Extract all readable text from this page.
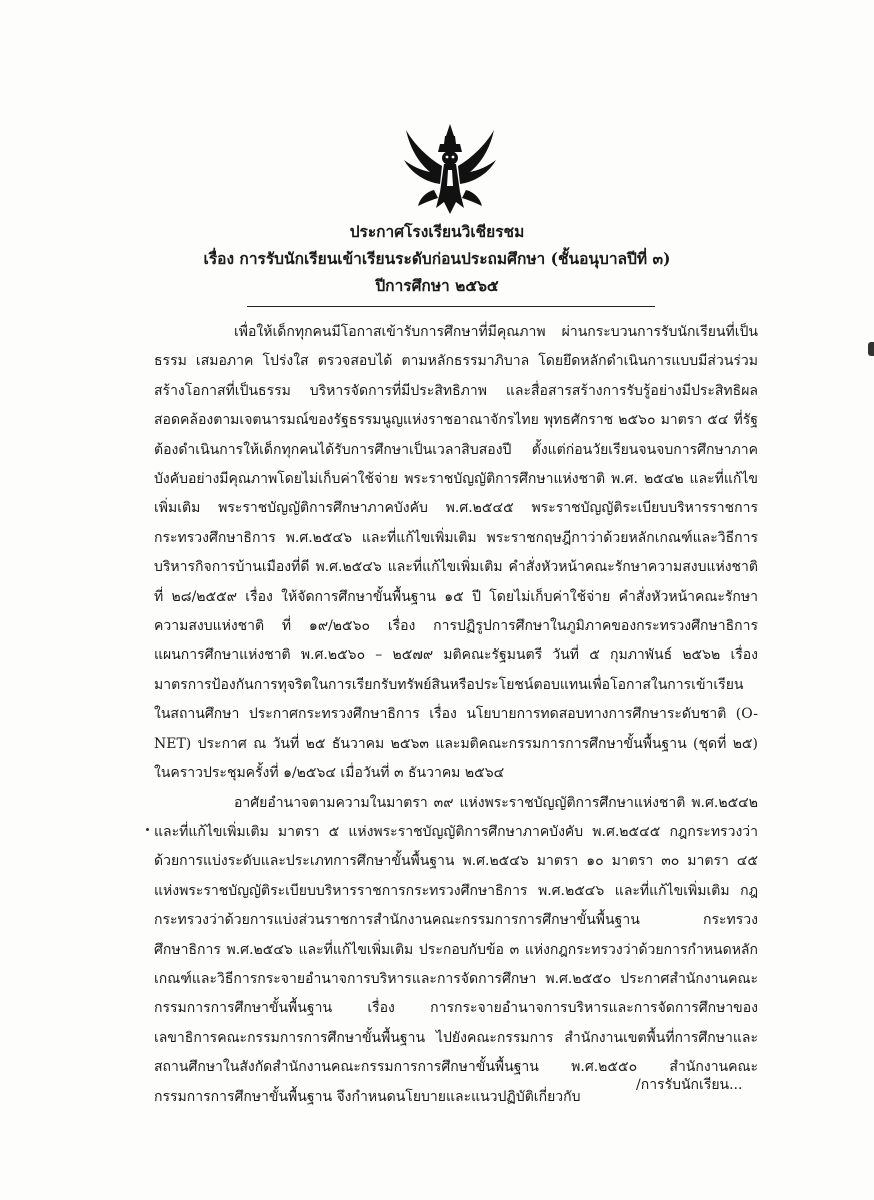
ประกาศโรงเรียนวิเชียรชม
เรื่อง การรับนักเรียนเข้าเรียนระดับก่อนประถมศึกษา (ชั้นอนุบาลปีที่ ๓)
ปีการศึกษา ๒๕๖๕

เพื่อให้เด็กทุกคนมีโอกาสเข้ารับการศึกษาที่มีคุณภาพ ผ่านกระบวนการรับนักเรียนที่เป็นธรรม เสมอภาค โปร่งใส ตรวจสอบได้ ตามหลักธรรมาภิบาล โดยยึดหลักดำเนินการแบบมีส่วนร่วม สร้างโอกาสที่เป็นธรรม บริหารจัดการที่มีประสิทธิภาพ และสื่อสารสร้างการรับรู้อย่างมีประสิทธิผล สอดคล้องตามเจตนารมณ์ของรัฐธรรมนูญแห่งราชอาณาจักรไทย พุทธศักราช ๒๕๖๐ มาตรา ๕๔ ที่รัฐต้องดำเนินการให้เด็กทุกคนได้รับการศึกษาเป็นเวลาสิบสองปี ตั้งแต่ก่อนวัยเรียนจนจบการศึกษาภาคบังคับอย่างมีคุณภาพโดยไม่เก็บค่าใช้จ่าย พระราชบัญญัติการศึกษาแห่งชาติ พ.ศ. ๒๕๔๒ และที่แก้ไขเพิ่มเติม พระราชบัญญัติการศึกษาภาคบังคับ พ.ศ.๒๕๔๕ พระราชบัญญัติระเบียบบริหารราชการกระทรวงศึกษาธิการ พ.ศ.๒๕๔๖ และที่แก้ไขเพิ่มเติม พระราชกฤษฎีกาว่าด้วยหลักเกณฑ์และวิธีการบริหารกิจการบ้านเมืองที่ดี พ.ศ.๒๕๔๖ และที่แก้ไขเพิ่มเติม คำสั่งหัวหน้าคณะรักษาความสงบแห่งชาติ ที่ ๒๘/๒๕๕๙ เรื่อง ให้จัดการศึกษาขั้นพื้นฐาน ๑๕ ปี โดยไม่เก็บค่าใช้จ่าย คำสั่งหัวหน้าคณะรักษาความสงบแห่งชาติ ที่ ๑๙/๒๕๖๐ เรื่อง การปฏิรูปการศึกษาในภูมิภาคของกระทรวงศึกษาธิการ แผนการศึกษาแห่งชาติ พ.ศ.๒๕๖๐ – ๒๕๗๙ มติคณะรัฐมนตรี วันที่ ๕ กุมภาพันธ์ ๒๕๖๒ เรื่อง มาตรการป้องกันการทุจริตในการเรียกรับทรัพย์สินหรือประโยชน์ตอบแทนเพื่อโอกาสในการเข้าเรียนในสถานศึกษา ประกาศกระทรวงศึกษาธิการ เรื่อง นโยบายการทดสอบทางการศึกษาระดับชาติ (O-NET) ประกาศ ณ วันที่ ๒๕ ธันวาคม ๒๕๖๓ และมติคณะกรรมการการศึกษาขั้นพื้นฐาน (ชุดที่ ๒๕) ในคราวประชุมครั้งที่ ๑/๒๕๖๔ เมื่อวันที่ ๓ ธันวาคม ๒๕๖๔

อาศัยอำนาจตามความในมาตรา ๓๙ แห่งพระราชบัญญัติการศึกษาแห่งชาติ พ.ศ.๒๕๔๒ และที่แก้ไขเพิ่มเติม มาตรา ๕ แห่งพระราชบัญญัติการศึกษาภาคบังคับ พ.ศ.๒๕๔๕ กฎกระทรวงว่าด้วยการแบ่งระดับและประเภทการศึกษาขั้นพื้นฐาน พ.ศ.๒๕๔๖ มาตรา ๑๐ มาตรา ๓๐ มาตรา ๔๕ แห่งพระราชบัญญัติระเบียบบริหารราชการกระทรวงศึกษาธิการ พ.ศ.๒๕๔๖ และที่แก้ไขเพิ่มเติม กฎกระทรวงว่าด้วยการแบ่งส่วนราชการสำนักงานคณะกรรมการการศึกษาขั้นพื้นฐาน กระทรวงศึกษาธิการ พ.ศ.๒๕๔๖ และที่แก้ไขเพิ่มเติม ประกอบกับข้อ ๓ แห่งกฎกระทรวงว่าด้วยการกำหนดหลักเกณฑ์และวิธีการกระจายอำนาจการบริหารและการจัดการศึกษา พ.ศ.๒๕๕๐ ประกาศสำนักงานคณะกรรมการการศึกษาขั้นพื้นฐาน เรื่อง การกระจายอำนาจการบริหารและการจัดการศึกษาของเลขาธิการคณะกรรมการการศึกษาขั้นพื้นฐาน ไปยังคณะกรรมการ สำนักงานเขตพื้นที่การศึกษาและสถานศึกษาในสังกัดสำนักงานคณะกรรมการการศึกษาขั้นพื้นฐาน พ.ศ.๒๕๕๐ สำนักงานคณะกรรมการการศึกษาขั้นพื้นฐาน จึงกำหนดนโยบายและแนวปฏิบัติเกี่ยวกับ

/การรับนักเรียน...
